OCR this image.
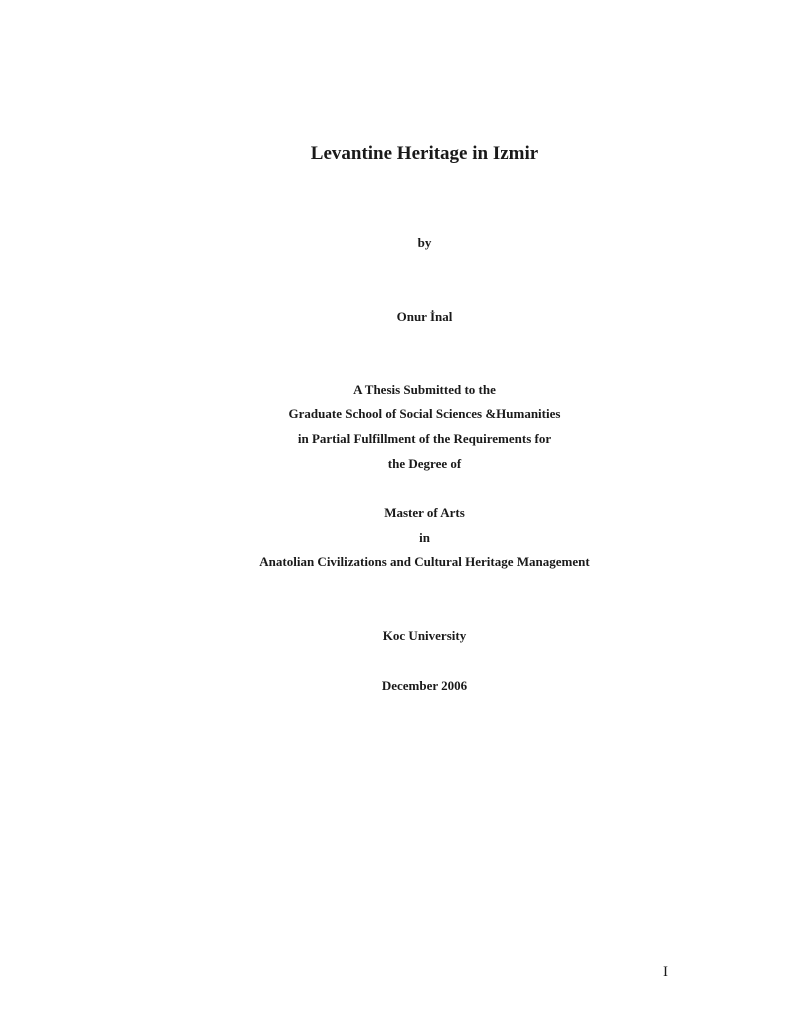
Levantine Heritage in Izmir
by
Onur İnal
A Thesis Submitted to the
Graduate School of Social Sciences &Humanities
in Partial Fulfillment of the Requirements for
the Degree of
Master of Arts
in
Anatolian Civilizations and Cultural Heritage Management
Koc University
December 2006
I
